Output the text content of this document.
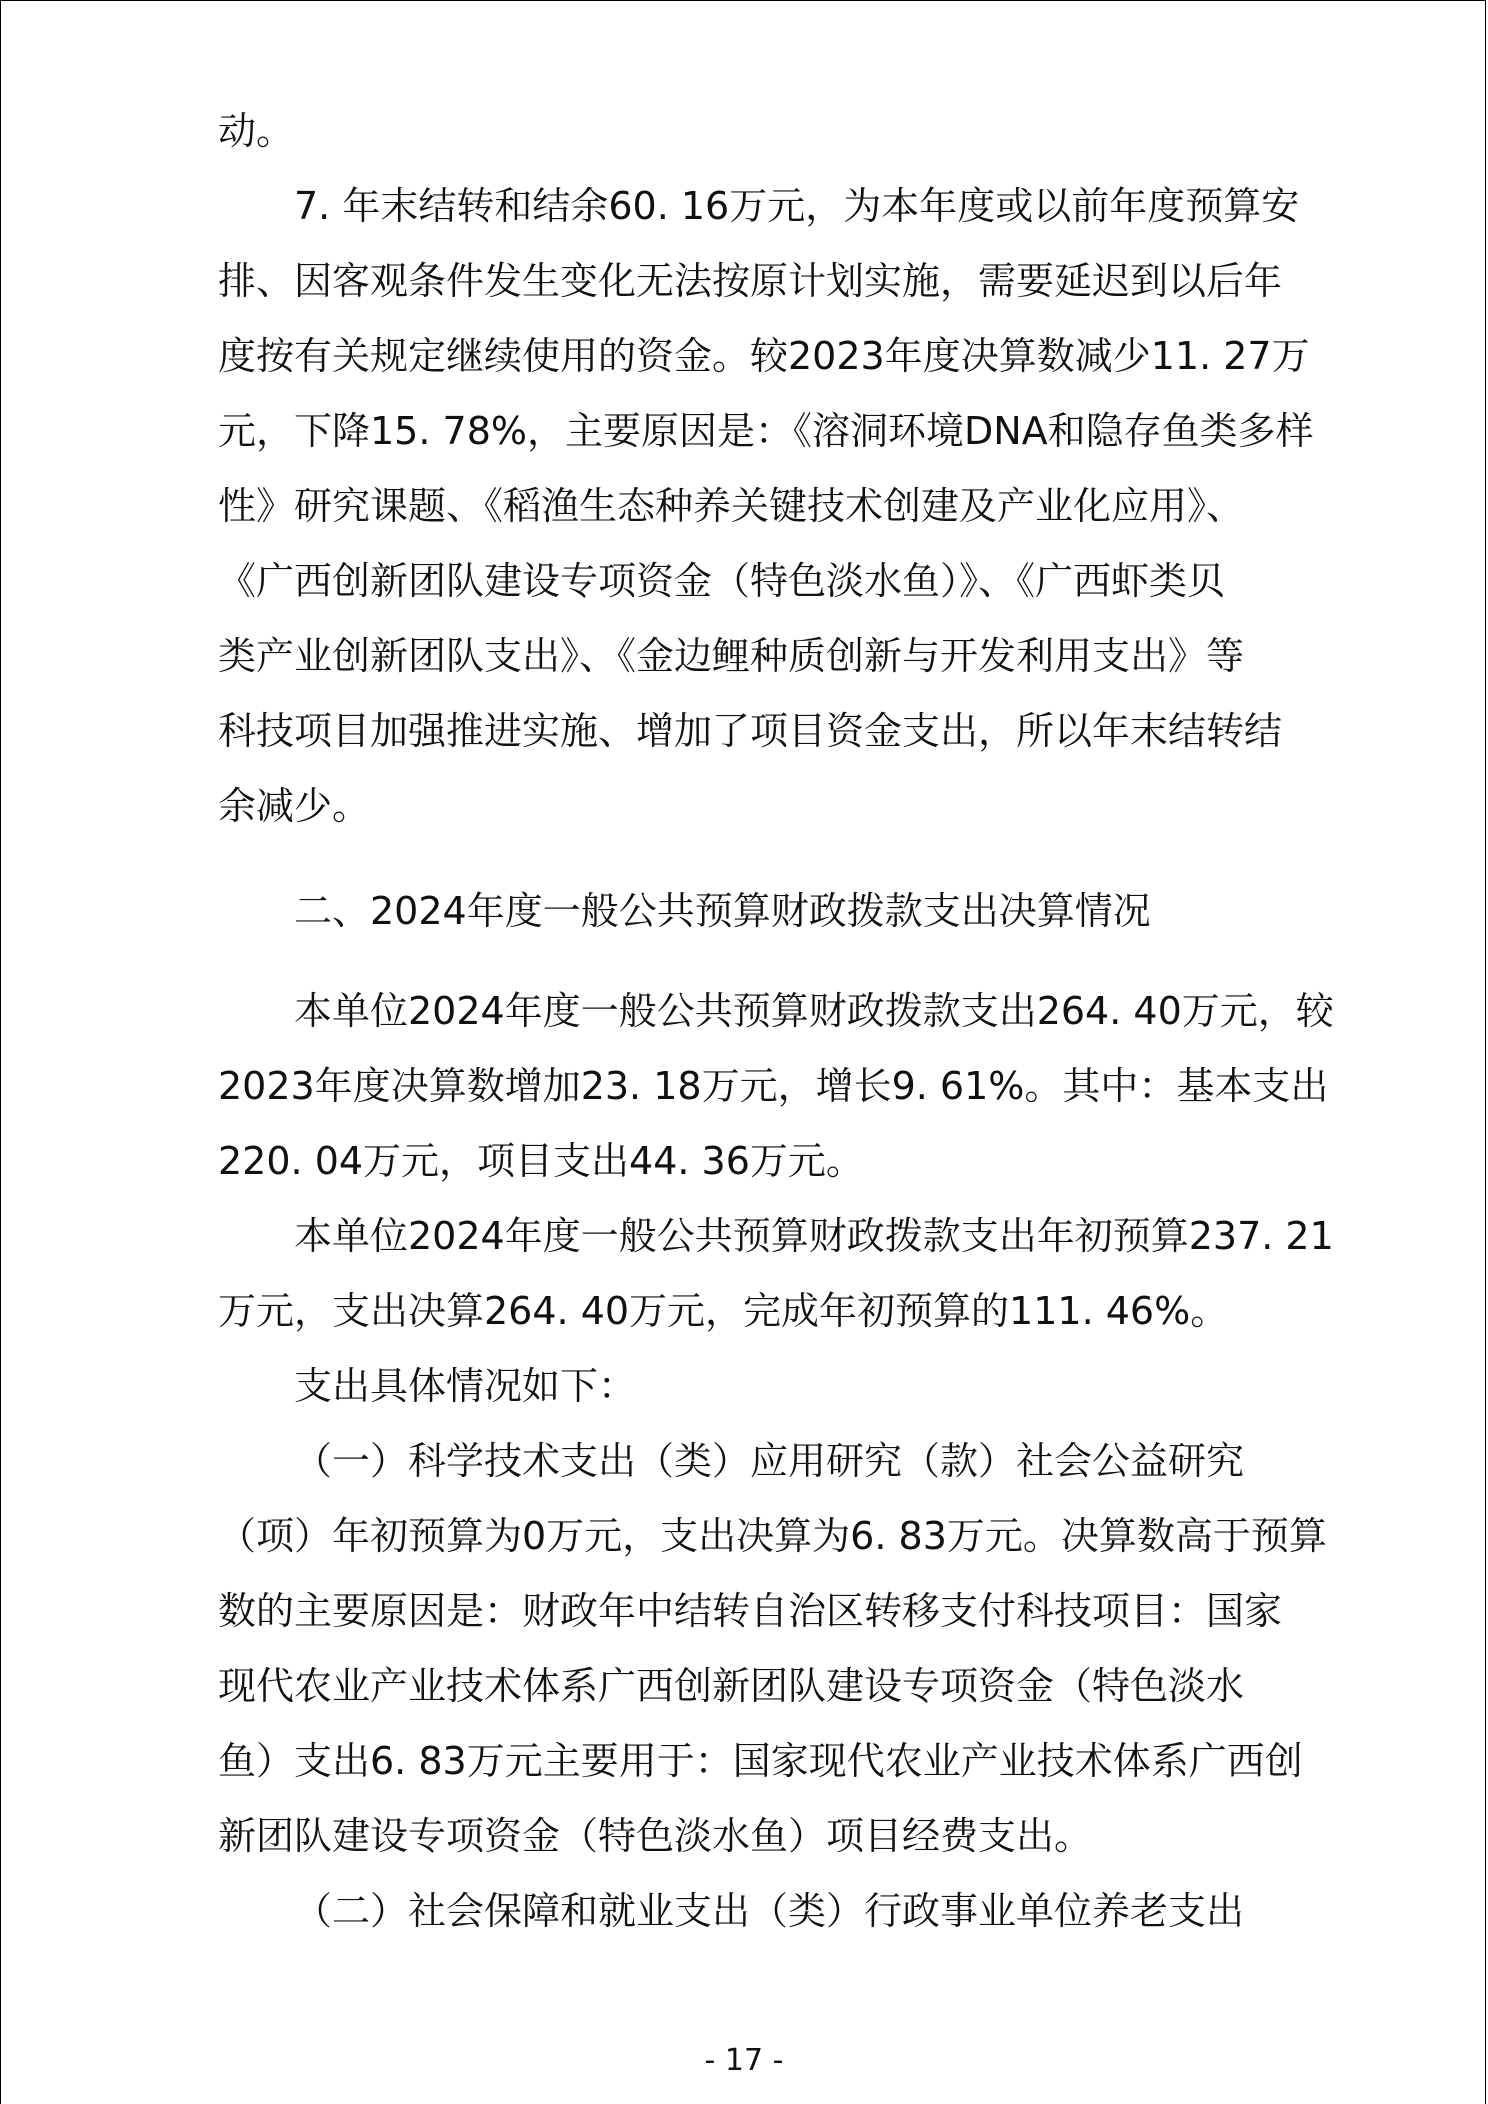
动。
7. 年末结转和结余60. 16万元，为本年度或以前年度预算安
排、因客观条件发生变化无法按原计划实施，需要延迟到以后年
度按有关规定继续使用的资金。较2023年度决算数减少11. 27万
元，下降15. 78%，主要原因是：《溶洞环境DNA和隐存鱼类多样
性》研究课题、《稻渔生态种养关键技术创建及产业化应用》、
《广西创新团队建设专项资金（特色淡水鱼）》、《广西虾类贝
类产业创新团队支出》、《金边鲤种质创新与开发利用支出》等
科技项目加强推进实施、增加了项目资金支出，所以年末结转结
余减少。
二、2024年度一般公共预算财政拨款支出决算情况
本单位2024年度一般公共预算财政拨款支出264. 40万元，较
2023年度决算数增加23. 18万元，增长9. 61%。其中：基本支出
220. 04万元，项目支出44. 36万元。
本单位2024年度一般公共预算财政拨款支出年初预算237. 21
万元，支出决算264. 40万元，完成年初预算的111. 46%。
支出具体情况如下：
（一）科学技术支出（类）应用研究（款）社会公益研究
（项）年初预算为0万元，支出决算为6. 83万元。决算数高于预算
数的主要原因是：财政年中结转自治区转移支付科技项目：国家
现代农业产业技术体系广西创新团队建设专项资金（特色淡水
鱼）支出6. 83万元主要用于：国家现代农业产业技术体系广西创
新团队建设专项资金（特色淡水鱼）项目经费支出。
（二）社会保障和就业支出（类）行政事业单位养老支出
- 17 -
